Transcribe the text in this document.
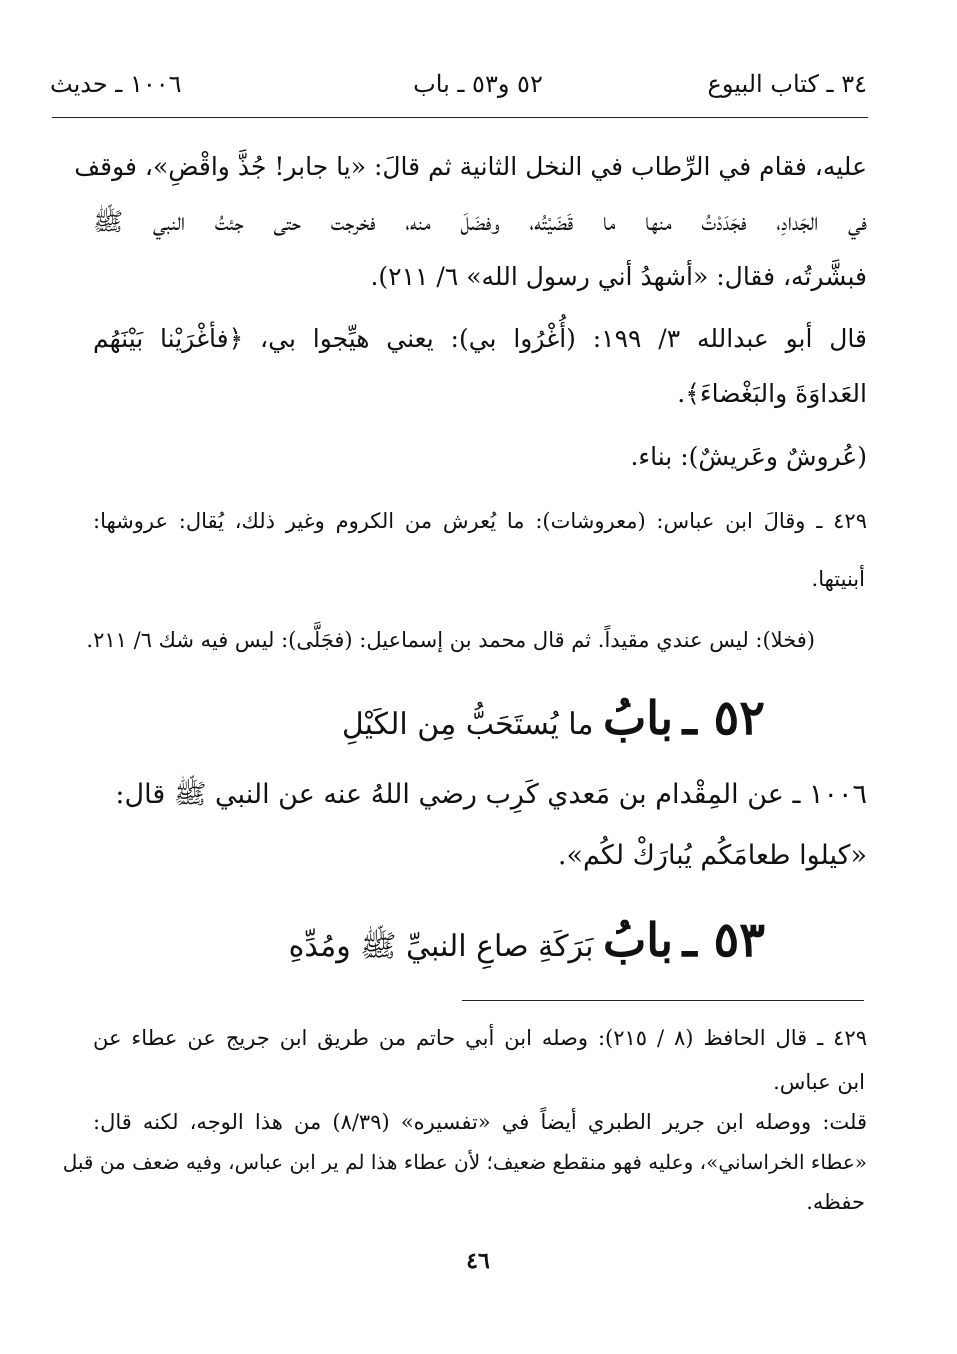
٣٤ ـ كتاب البيوع
٥٢ و٥٣ ـ باب
١٠٠٦ ـ حديث
عليه، فقام في الرِّطاب في النخل الثانية ثم قالَ: «يا جابر! جُذَّ واقْضِ»، فوقف
في الجَدادِ، فجَدَدْتُ منها ما قَضَيْتُه، وفضَلَ منه، فخرجت حتى جئتُ النبي ﷺ
فبشَّرتُه، فقال: «أشهدُ أني رسول الله» ٦/ ٢١١).
قال أبو عبدالله ٣/ ١٩٩: (أُغْرُوا بي): يعني هيِّجوا بي، ﴿فأغْرَيْنا بَيْنَهُم
العَداوَةَ والبَغْضاءَ﴾.
(عُروشٌ وعَريشٌ): بناء.
٤٢٩ ـ وقالَ ابن عباس: (معروشات): ما يُعرش من الكروم وغير ذلك، يُقال: عروشها:
أبنيتها.
(فخلا): ليس عندي مقيداً. ثم قال محمد بن إسماعيل: (فجَلَّى): ليس فيه شك ٦/ ٢١١.
٥٢ ـ بابُ ما يُستَحَبُّ مِن الكَيْلِ
١٠٠٦ ـ عن المِقْدام بن مَعدي كَرِب رضي اللهُ عنه عن النبي ﷺ قال:
«كيلوا طعامَكُم يُبارَكْ لكُم».
٥٣ ـ بابُ بَرَكَةِ صاعِ النبيِّ ﷺ ومُدِّهِ
٤٢٩ ـ قال الحافظ (٨ / ٢١٥): وصله ابن أبي حاتم من طريق ابن جريج عن عطاء عن
ابن عباس.
قلت: ووصله ابن جرير الطبري أيضاً في «تفسيره» (٨/٣٩) من هذا الوجه، لكنه قال:
«عطاء الخراساني»، وعليه فهو منقطع ضعيف؛ لأن عطاء هذا لم ير ابن عباس، وفيه ضعف من قبل
حفظه.
٤٦
